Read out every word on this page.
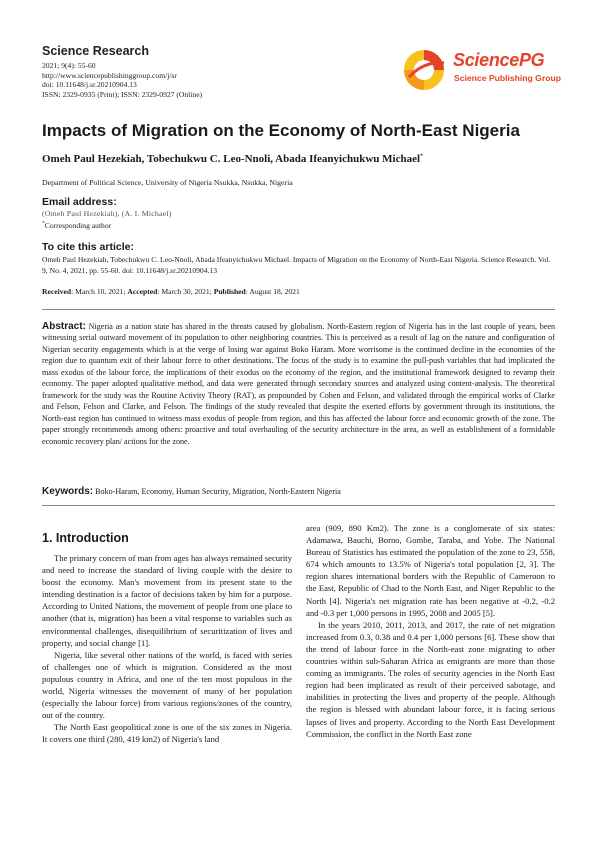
Science Research
2021; 9(4): 55-60
http://www.sciencepublishinggroup.com/j/sr
doi: 10.11648/j.sr.20210904.13
ISSN: 2329-0935 (Print); ISSN: 2329-0927 (Online)
SciencePG
Science Publishing Group
Impacts of Migration on the Economy of North-East Nigeria
Omeh Paul Hezekiah, Tobechukwu C. Leo-Nnoli, Abada Ifeanyichukwu Michael*
Department of Political Science, University of Nigeria Nsukka, Nsukka, Nigeria
Email address:
(Omeh Paul Hezekiah), (A. I. Michael)
*Corresponding author
To cite this article:
Omeh Paul Hezekiah, Tobechukwu C. Leo-Nnoli, Abada Ifeanyichukwu Michael. Impacts of Migration on the Economy of North-East Nigeria. Science Research. Vol. 9, No. 4, 2021, pp. 55-60. doi: 10.11648/j.sr.20210904.13
Received: March 10, 2021; Accepted: March 30, 2021; Published: August 18, 2021
Abstract: Nigeria as a nation state has shared in the threats caused by globalism. North-Eastern region of Nigeria has in the last couple of years, been witnessing serial outward movement of its population to other neighboring countries. This is perceived as a result of lag on the nature and configuration of Nigerian security engagements which is at the verge of losing war against Boko Haram. More worrisome is the continued decline in the economies of the region due to quantum exit of their labour force to other destinations. The focus of the study is to examine the pull-push variables that had implicated the mass exodus of the labour force, the implications of their exodus on the economy of the region, and the institutional framework designed to revamp their economy. The paper adopted qualitative method, and data were generated through secondary sources and analyzed using content-analysis. The theoretical framework for the study was the Routine Activity Theory (RAT), as propounded by Cohen and Felson, and validated through the empirical works of Clarke and Felson, Felson and Clarke, and Felson. The findings of the study revealed that despite the exerted efforts by government through its institutions, the North-east region has continued to witness mass exodus of people from region, and this has affected the labour force and economic growth of the zone. The paper strongly recommends among others: proactive and total overhauling of the security architecture in the area, as well as establishment of a formidable economic recovery plan/ actions for the zone.
Keywords: Boko-Haram, Economy, Human Security, Migration, North-Eastern Nigeria
1. Introduction

The primary concern of man from ages has always remained security and need to increase the standard of living couple with the desire to boost the economy. Man's movement from its present state to the intending destination is a factor of decisions taken by him for a purpose. According to United Nations, the movement of people from one place to another (that is, migration) has been a vital response to variables such as environmental challenges, disequilibrium of securitization of lives and property, and social change [1].

Nigeria, like several other nations of the world, is faced with series of challenges one of which is migration. Considered as the most populous country in Africa, and one of the ten most populous in the world, Nigeria witnesses the movement of many of her population (especially the labour force) from various regions/zones of the country, out of the country.

The North East geopolitical zone is one of the six zones in Nigeria. It covers one third (280, 419 km2) of Nigeria's land

area (909, 890 Km2). The zone is a conglomerate of six states: Adamawa, Bauchi, Borno, Gombe, Taraba, and Yobe. The National Bureau of Statistics has estimated the population of the zone to 23, 558, 674 which amounts to 13.5% of Nigeria's total population [2, 3]. The region shares international borders with the Republic of Cameroon to the East, Republic of Chad to the North East, and Niger Republic to the North [4]. Nigeria's net migration rate has been negative at -0.2, -0.2 and -0.3 per 1,000 persons in 1995, 2008 and 2005 [5].

In the years 2010, 2011, 2013, and 2017, the rate of net migration increased from 0.3, 0.38 and 0.4 per 1,000 persons [6]. These show that the trend of labour force in the North-east zone migrating to other countries within sub-Saharan Africa as emigrants are more than those coming as immigrants. The roles of security agencies in the North East region had been implicated as result of their perceived sabotage, and inabilities in protecting the lives and property of the people. Although the region is blessed with abundant labour force, it is facing serious lapses of lives and property. According to the North East Development Commission, the conflict in the North East zone
